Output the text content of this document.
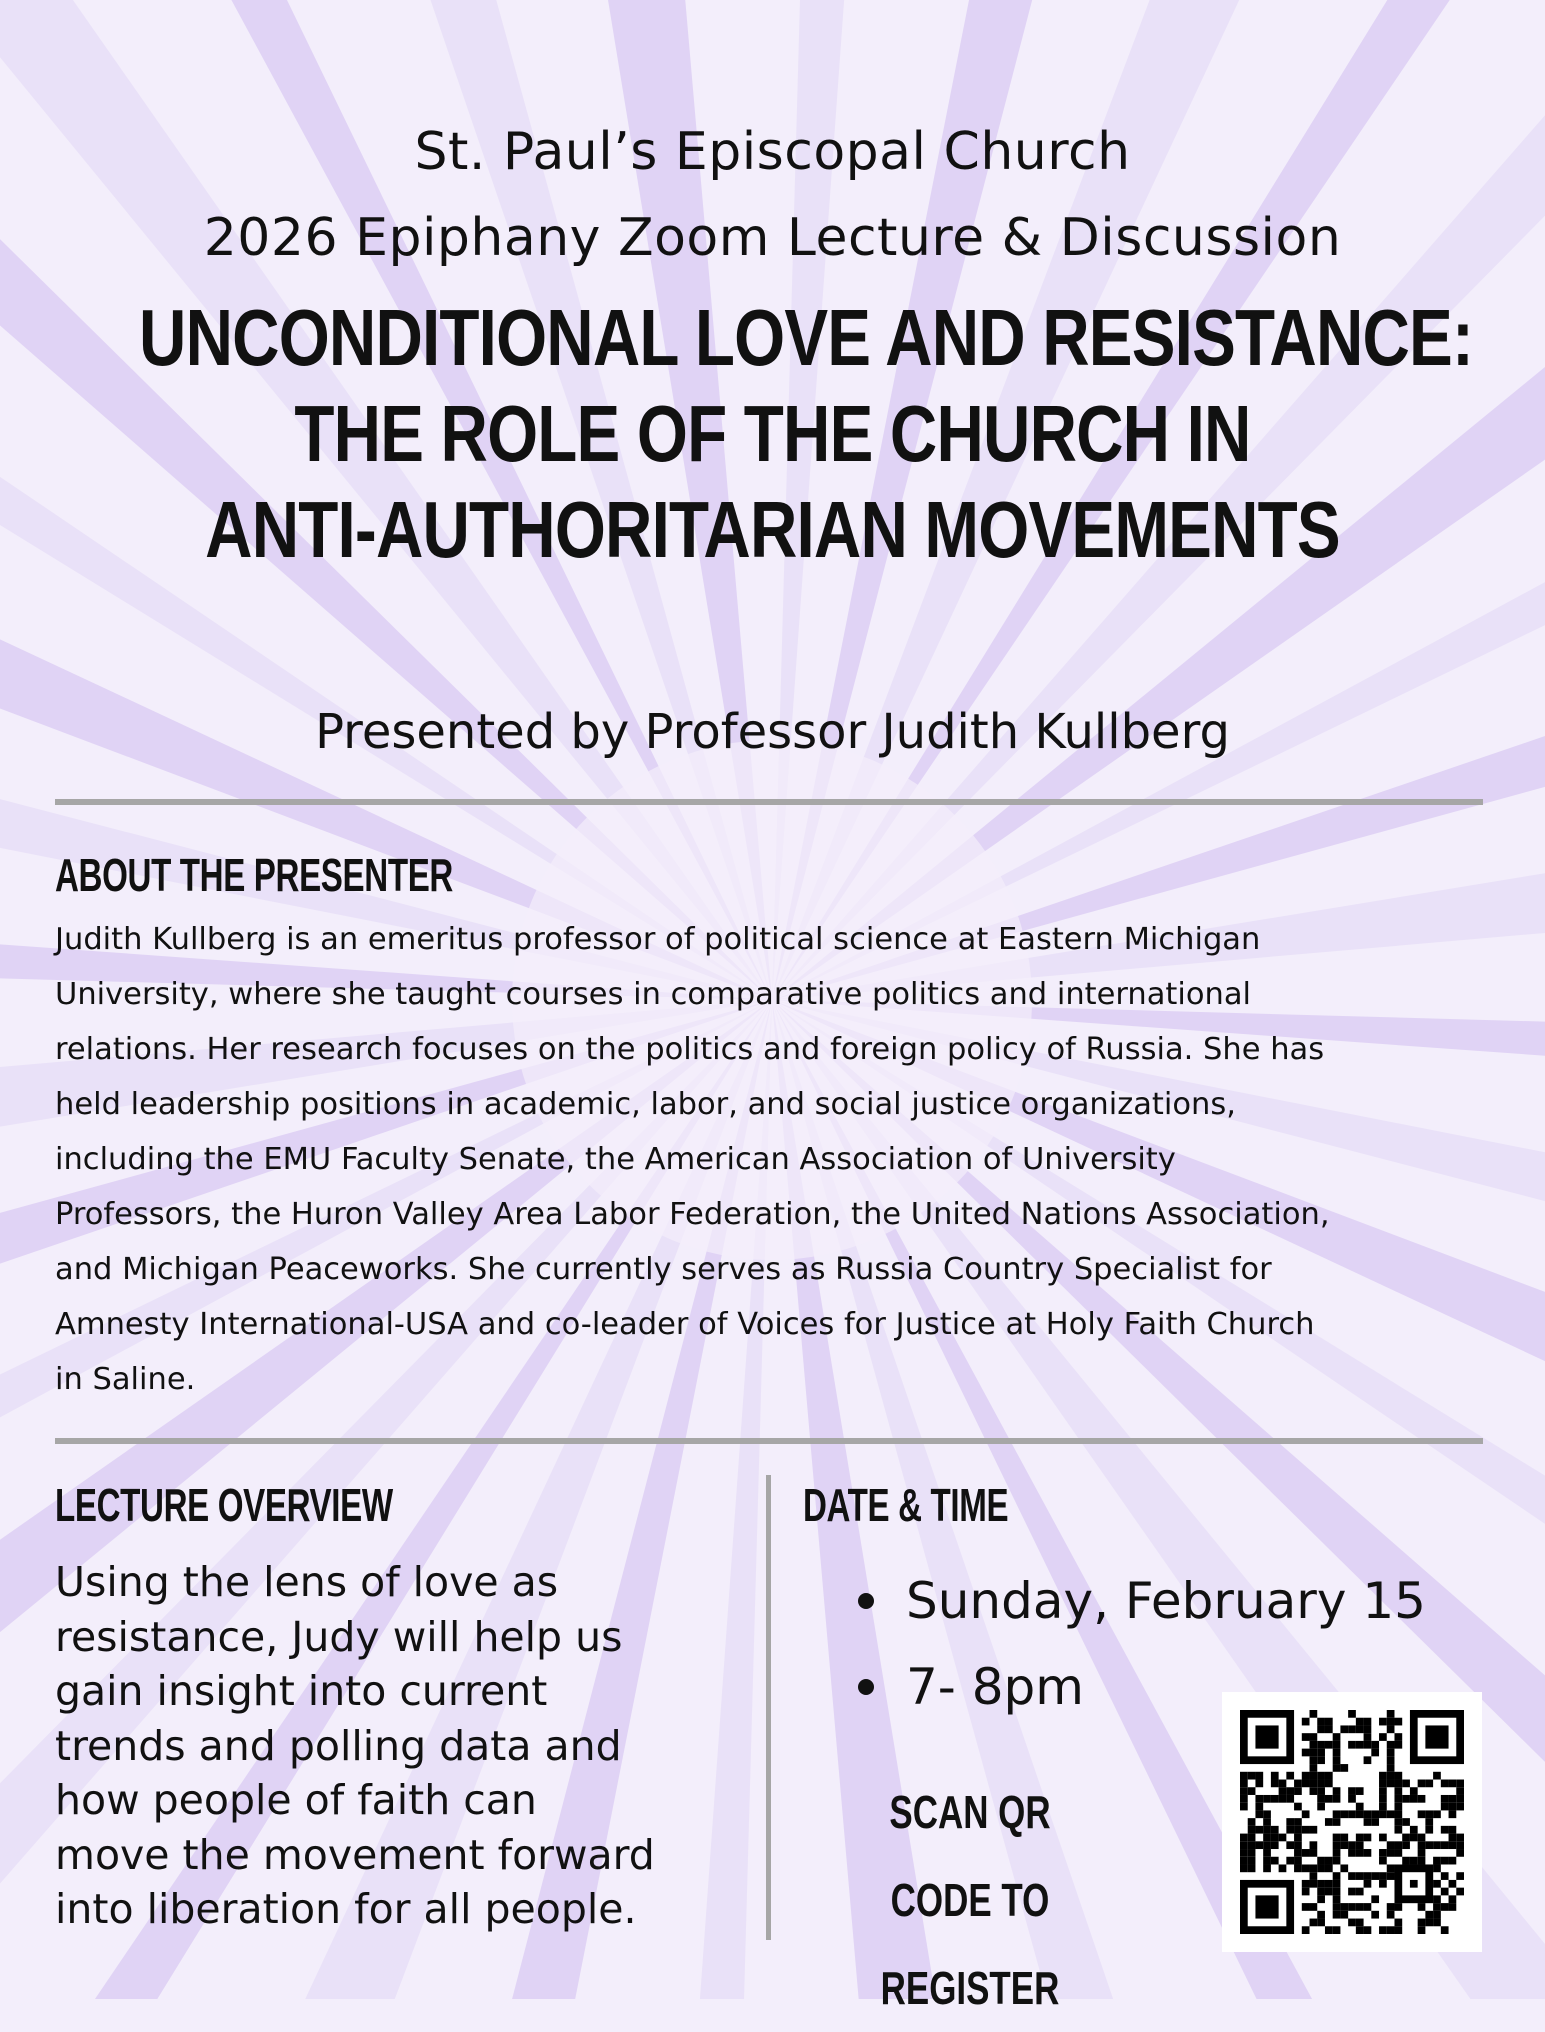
St. Paul’s Episcopal Church
2026 Epiphany Zoom Lecture & Discussion
UNCONDITIONAL LOVE AND RESISTANCE:
THE ROLE OF THE CHURCH IN
ANTI-AUTHORITARIAN MOVEMENTS
Presented by Professor Judith Kullberg
ABOUT THE PRESENTER

Judith Kullberg is an emeritus professor of political science at Eastern Michigan
University, where she taught courses in comparative politics and international
relations. Her research focuses on the politics and foreign policy of Russia. She has
held leadership positions in academic, labor, and social justice organizations,
including the EMU Faculty Senate, the American Association of University
Professors, the Huron Valley Area Labor Federation, the United Nations Association,
and Michigan Peaceworks. She currently serves as Russia Country Specialist for
Amnesty International-USA and co-leader of Voices for Justice at Holy Faith Church
in Saline.

LECTURE OVERVIEW

Using the lens of love as
resistance, Judy will help us
gain insight into current
trends and polling data and
how people of faith can
move the movement forward
into liberation for all people.

DATE & TIME
Sunday, February 15
7- 8pm
SCAN QR CODE TO
REGISTER
